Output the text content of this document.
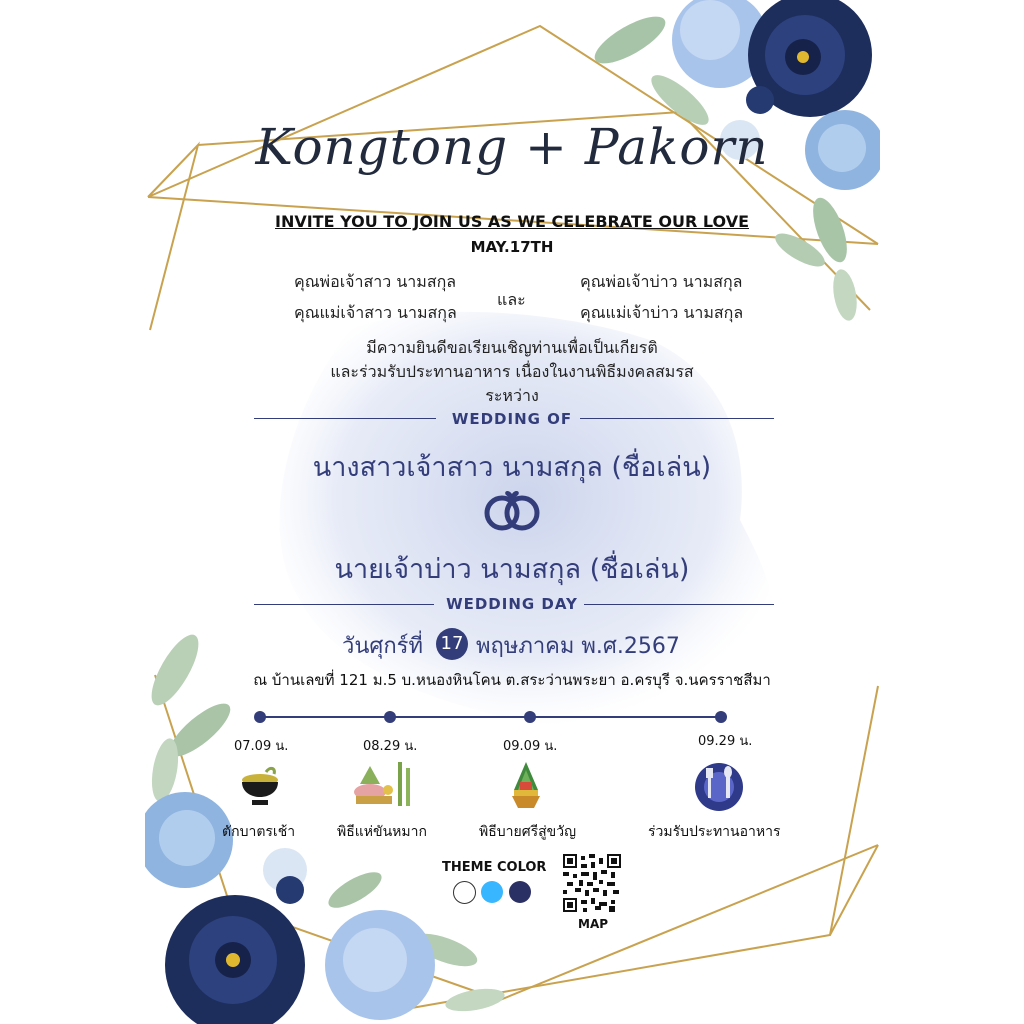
Kongtong + Pakorn
INVITE YOU TO JOIN US AS WE CELEBRATE OUR LOVE
MAY.17TH
คุณพ่อเจ้าสาว นามสกุล
คุณแม่เจ้าสาว นามสกุล
และ
คุณพ่อเจ้าบ่าว นามสกุล
คุณแม่เจ้าบ่าว นามสกุล
มีความยินดีขอเรียนเชิญท่านเพื่อเป็นเกียรติ
และร่วมรับประทานอาหาร เนื่องในงานพิธีมงคลสมรส
ระหว่าง
WEDDING OF
นางสาวเจ้าสาว นามสกุล (ชื่อเล่น)
นายเจ้าบ่าว นามสกุล (ชื่อเล่น)
WEDDING DAY
วันศุกร์ที่ 17 พฤษภาคม พ.ศ.2567
ณ บ้านเลขที่ 121 ม.5 บ.หนองหินโคน ต.สระว่านพระยา อ.ครบุรี จ.นครราชสีมา
07.09 น.	08.29 น.	09.09 น.	09.29 น.
ตักบาตรเช้า	พิธีแห่ขันหมาก	พิธีบายศรีสู่ขวัญ	ร่วมรับประทานอาหาร
THEME COLOR
MAP
